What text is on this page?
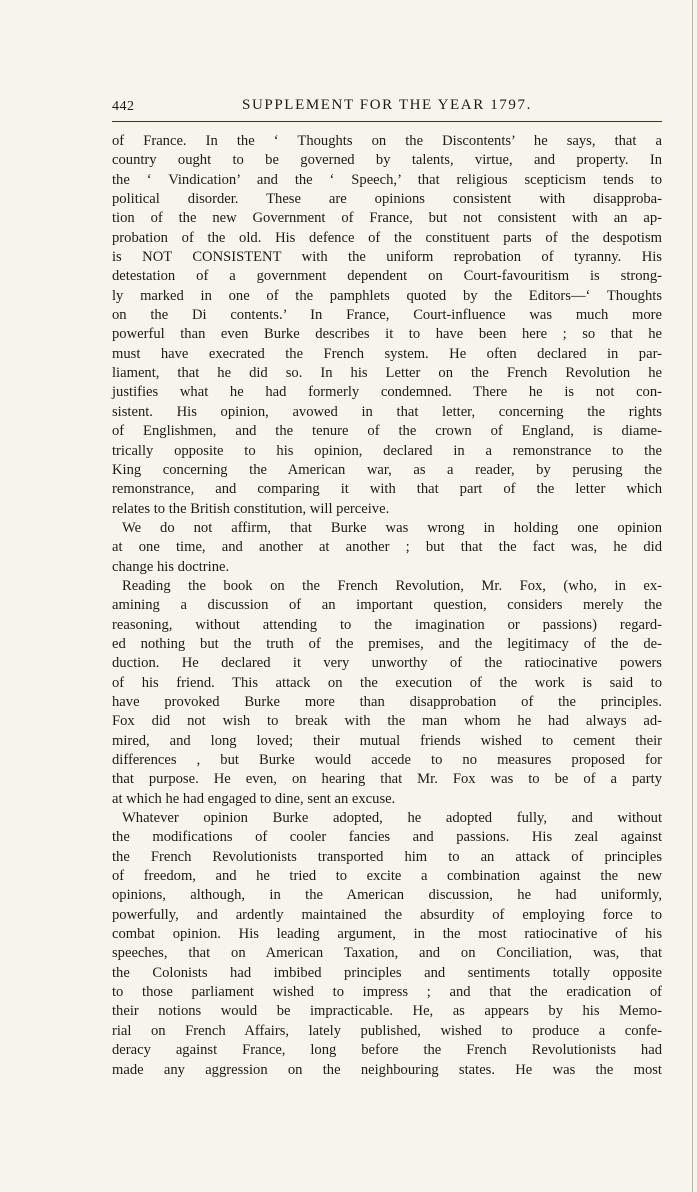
442	SUPPLEMENT FOR THE YEAR 1797.
of France. In the ‘ Thoughts on the Discontents’ he says, that a
country ought to be governed by talents, virtue, and property. In
the ‘ Vindication’ and the ‘ Speech,’ that religious scepticism tends to
political disorder. These are opinions consistent with disapproba-
tion of the new Government of France, but not consistent with an ap-
probation of the old. His defence of the constituent parts of the despotism
is NOT CONSISTENT with the uniform reprobation of tyranny. His
detestation of a government dependent on Court-favouritism is strong-
ly marked in one of the pamphlets quoted by the Editors—‘ Thoughts
on the Di contents.’ In France, Court-influence was much more
powerful than even Burke describes it to have been here ; so that he
must have execrated the French system. He often declared in par-
liament, that he did so. In his Letter on the French Revolution he
justifies what he had formerly condemned. There he is not con-
sistent. His opinion, avowed in that letter, concerning the rights
of Englishmen, and the tenure of the crown of England, is diame-
trically opposite to his opinion, declared in a remonstrance to the
King concerning the American war, as a reader, by perusing the
remonstrance, and comparing it with that part of the letter which
relates to the British constitution, will perceive.
We do not affirm, that Burke was wrong in holding one opinion
at one time, and another at another ; but that the fact was, he did
change his doctrine.
Reading the book on the French Revolution, Mr. Fox, (who, in ex-
amining a discussion of an important question, considers merely the
reasoning, without attending to the imagination or passions) regard-
ed nothing but the truth of the premises, and the legitimacy of the de-
duction. He declared it very unworthy of the ratiocinative powers
of his friend. This attack on the execution of the work is said to
have provoked Burke more than disapprobation of the principles.
Fox did not wish to break with the man whom he had always ad-
mired, and long loved; their mutual friends wished to cement their
differences , but Burke would accede to no measures proposed for
that purpose. He even, on hearing that Mr. Fox was to be of a party
at which he had engaged to dine, sent an excuse.
Whatever opinion Burke adopted, he adopted fully, and without
the modifications of cooler fancies and passions. His zeal against
the French Revolutionists transported him to an attack of principles
of freedom, and he tried to excite a combination against the new
opinions, although, in the American discussion, he had uniformly,
powerfully, and ardently maintained the absurdity of employing force to
combat opinion. His leading argument, in the most ratiocinative of his
speeches, that on American Taxation, and on Conciliation, was, that
the Colonists had imbibed principles and sentiments totally opposite
to those parliament wished to impress ; and that the eradication of
their notions would be impracticable. He, as appears by his Memo-
rial on French Affairs, lately published, wished to produce a confe-
deracy against France, long before the French Revolutionists had
made any aggression on the neighbouring states. He was the most
